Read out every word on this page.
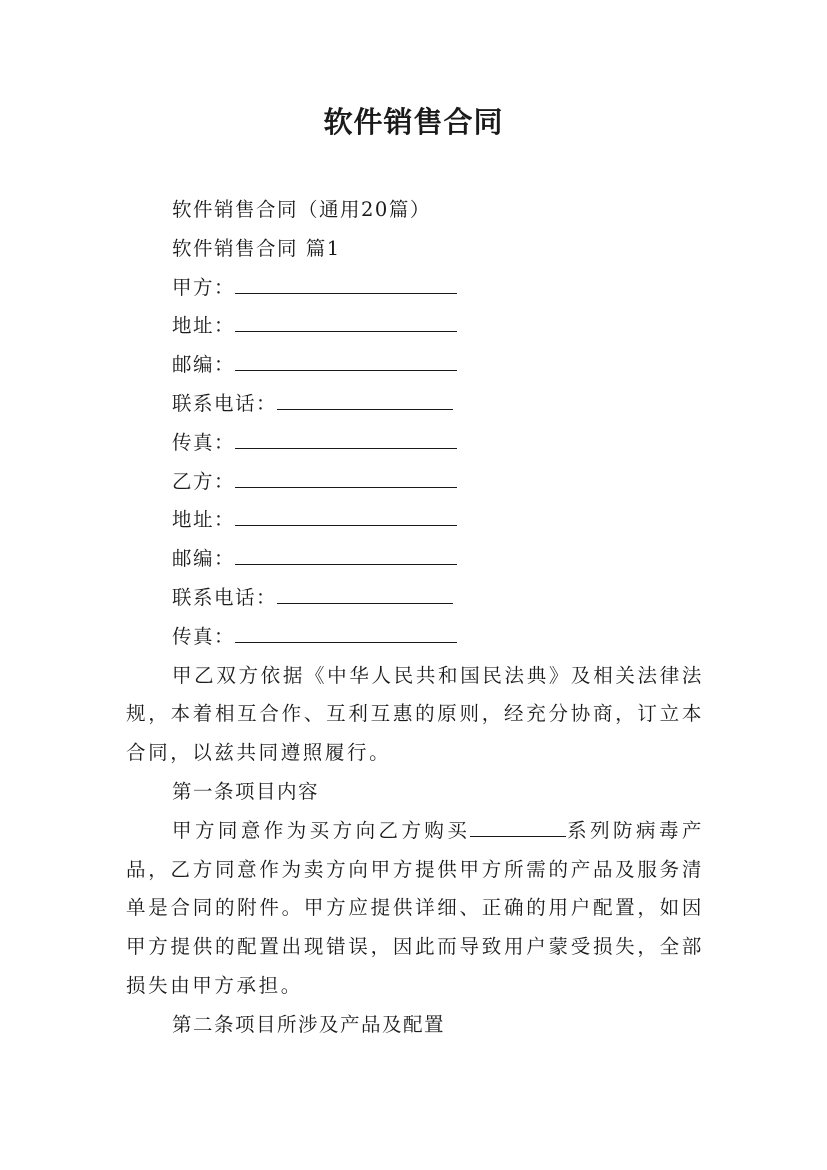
软件销售合同
软件销售合同（通用20篇）
软件销售合同 篇1
甲方：
地址：
邮编：
联系电话：
传真：
乙方：
地址：
邮编：
联系电话：
传真：

甲乙双方依据《中华人民共和国民法典》及相关法律法规，本着相互合作、互利互惠的原则，经充分协商，订立本合同，以兹共同遵照履行。

第一条项目内容

甲方同意作为买方向乙方购买	系列防病毒产品，乙方同意作为卖方向甲方提供甲方所需的产品及服务清单是合同的附件。甲方应提供详细、正确的用户配置，如因甲方提供的配置出现错误，因此而导致用户蒙受损失，全部损失由甲方承担。

第二条项目所涉及产品及配置
